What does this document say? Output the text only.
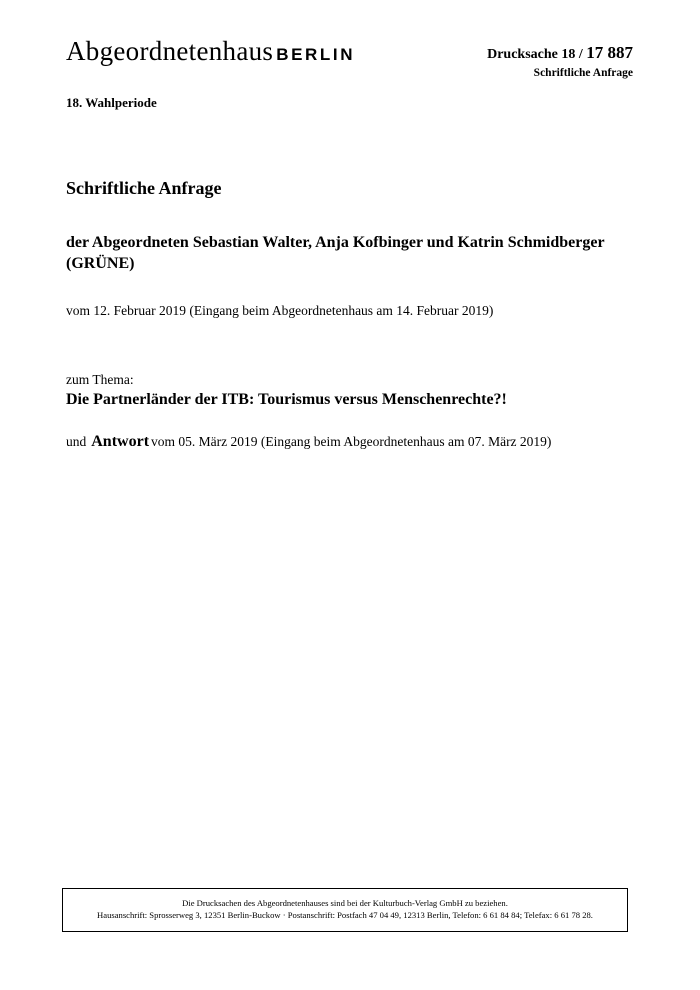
Abgeordnetenhaus BERLIN	Drucksache 18 / 17 887
Schriftliche Anfrage
18. Wahlperiode
Schriftliche Anfrage
der Abgeordneten Sebastian Walter, Anja Kofbinger und Katrin Schmidberger (GRÜNE)
vom 12. Februar 2019 (Eingang beim Abgeordnetenhaus am 14. Februar 2019)
zum Thema:
Die Partnerländer der ITB: Tourismus versus Menschenrechte?!
und Antwort vom 05. März 2019 (Eingang beim Abgeordnetenhaus am 07. März 2019)
Die Drucksachen des Abgeordnetenhauses sind bei der Kulturbuch-Verlag GmbH zu beziehen.
Hausanschrift: Sprosserweg 3, 12351 Berlin-Buckow · Postanschrift: Postfach 47 04 49, 12313 Berlin, Telefon: 6 61 84 84; Telefax: 6 61 78 28.
